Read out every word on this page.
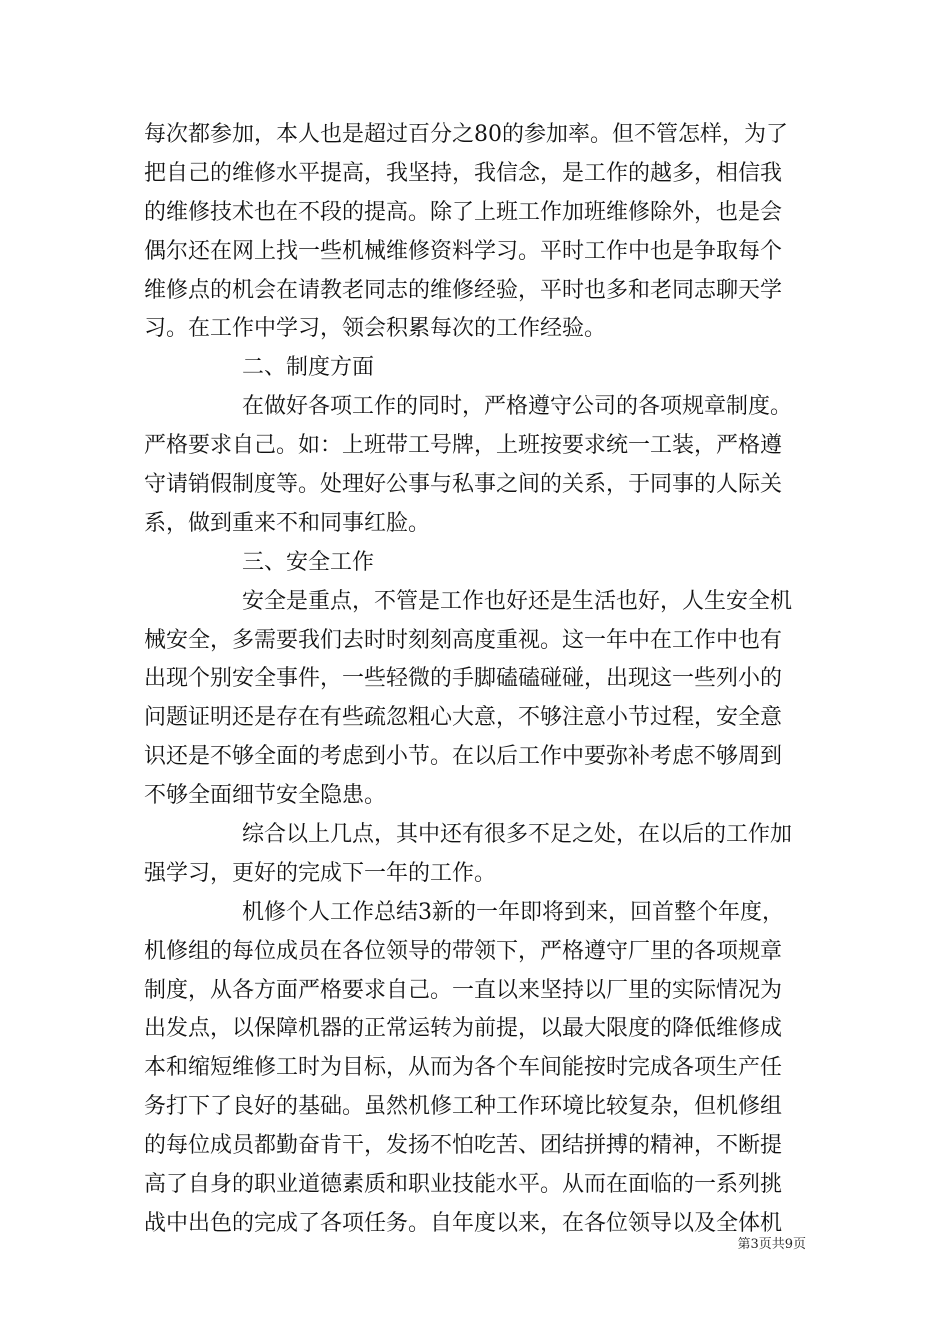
每次都参加，本人也是超过百分之80的参加率。但不管怎样，为了
把自己的维修水平提高，我坚持，我信念，是工作的越多，相信我
的维修技术也在不段的提高。除了上班工作加班维修除外，也是会
偶尔还在网上找一些机械维修资料学习。平时工作中也是争取每个
维修点的机会在请教老同志的维修经验，平时也多和老同志聊天学
习。在工作中学习，领会积累每次的工作经验。
二、制度方面
在做好各项工作的同时，严格遵守公司的各项规章制度。
严格要求自己。如：上班带工号牌，上班按要求统一工装，严格遵
守请销假制度等。处理好公事与私事之间的关系，于同事的人际关
系，做到重来不和同事红脸。
三、安全工作
安全是重点，不管是工作也好还是生活也好，人生安全机
械安全，多需要我们去时时刻刻高度重视。这一年中在工作中也有
出现个别安全事件，一些轻微的手脚磕磕碰碰，出现这一些列小的
问题证明还是存在有些疏忽粗心大意，不够注意小节过程，安全意
识还是不够全面的考虑到小节。在以后工作中要弥补考虑不够周到
不够全面细节安全隐患。
综合以上几点，其中还有很多不足之处，在以后的工作加
强学习，更好的完成下一年的工作。
机修个人工作总结3新的一年即将到来，回首整个年度，
机修组的每位成员在各位领导的带领下，严格遵守厂里的各项规章
制度，从各方面严格要求自己。一直以来坚持以厂里的实际情况为
出发点，以保障机器的正常运转为前提，以最大限度的降低维修成
本和缩短维修工时为目标，从而为各个车间能按时完成各项生产任
务打下了良好的基础。虽然机修工种工作环境比较复杂，但机修组
的每位成员都勤奋肯干，发扬不怕吃苦、团结拼搏的精神，不断提
高了自身的职业道德素质和职业技能水平。从而在面临的一系列挑
战中出色的完成了各项任务。自年度以来，在各位领导以及全体机
第3页共9页
